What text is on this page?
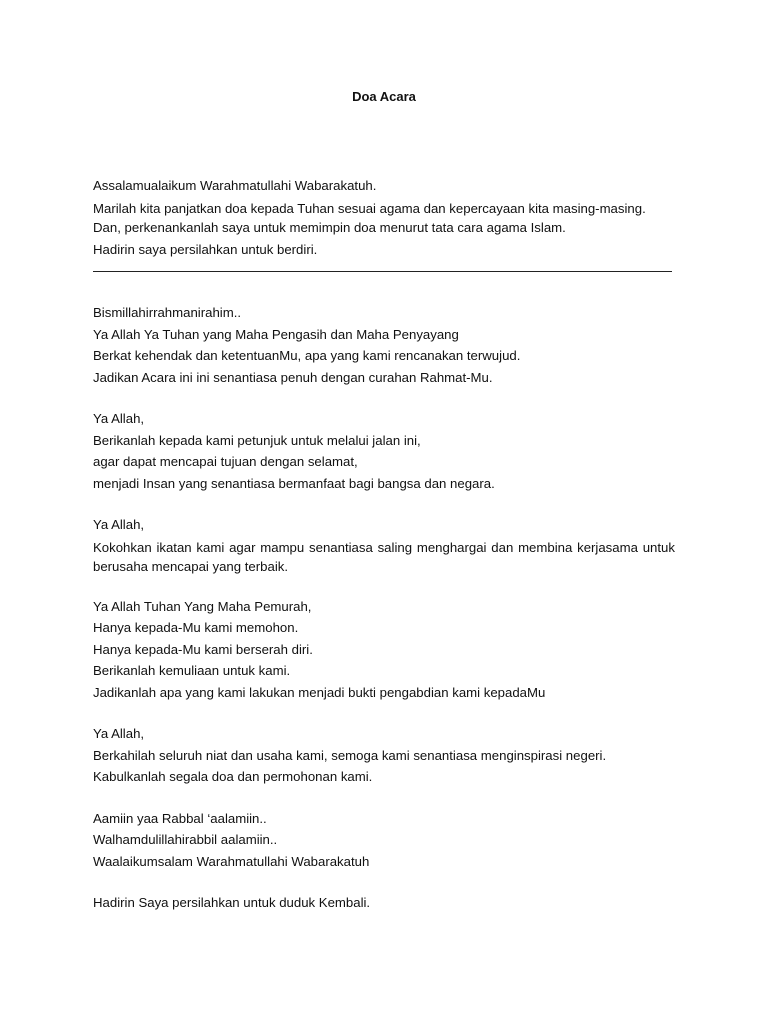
Doa Acara
Assalamualaikum Warahmatullahi Wabarakatuh.
Marilah kita panjatkan doa kepada Tuhan sesuai agama dan kepercayaan kita masing-masing.
Dan, perkenankanlah saya untuk memimpin doa menurut tata cara agama Islam.
Hadirin saya persilahkan untuk berdiri.
Bismillahirrahmanirahim..
Ya Allah Ya Tuhan yang Maha Pengasih dan Maha Penyayang
Berkat kehendak dan ketentuanMu, apa yang kami rencanakan terwujud.
Jadikan Acara ini ini senantiasa penuh dengan curahan Rahmat-Mu.
Ya Allah,
Berikanlah kepada kami petunjuk untuk melalui jalan ini,
agar dapat mencapai tujuan dengan selamat,
menjadi Insan yang senantiasa bermanfaat bagi bangsa dan negara.
Ya Allah,
Kokohkan ikatan kami agar mampu senantiasa saling menghargai dan membina kerjasama untuk berusaha mencapai yang terbaik.
Ya Allah Tuhan Yang Maha Pemurah,
Hanya kepada-Mu kami memohon.
Hanya kepada-Mu kami berserah diri.
Berikanlah kemuliaan untuk kami.
Jadikanlah apa yang kami lakukan menjadi bukti pengabdian kami kepadaMu
Ya Allah,
Berkahilah seluruh niat dan usaha kami, semoga kami senantiasa menginspirasi negeri.
Kabulkanlah segala doa dan permohonan kami.
Aamiin yaa Rabbal ‘aalamiin..
Walhamdulillahirabbil aalamiin..
Waalaikumsalam Warahmatullahi Wabarakatuh
Hadirin Saya persilahkan untuk duduk Kembali.
